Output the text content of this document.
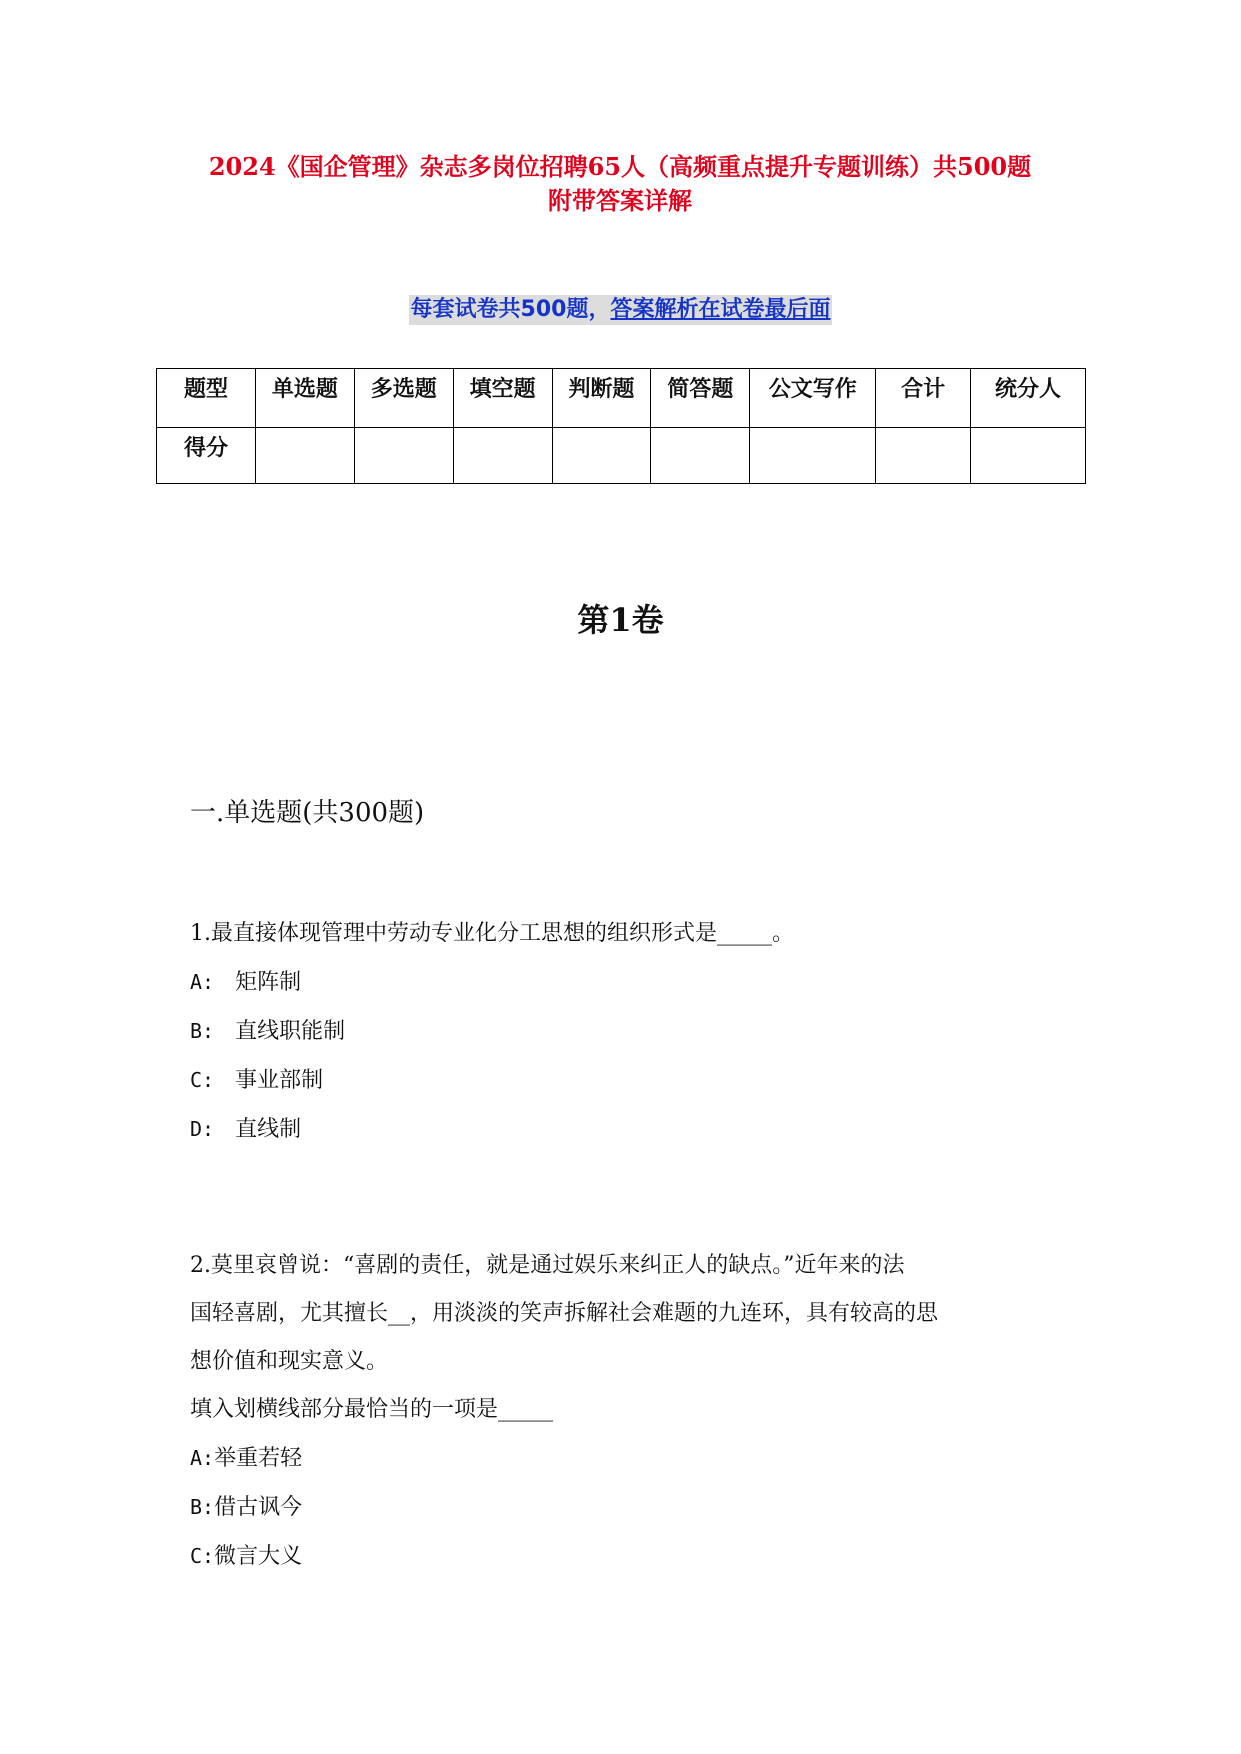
2024《国企管理》杂志多岗位招聘65人（高频重点提升专题训练）共500题
附带答案详解
每套试卷共500题，答案解析在试卷最后面
题型	单选题	多选题	填空题	判断题	简答题	公文写作	合计	统分人
得分								
第1卷
一.单选题(共300题)
1.最直接体现管理中劳动专业化分工思想的组织形式是_____。
A: 矩阵制
B: 直线职能制
C: 事业部制
D: 直线制
2.莫里哀曾说：“喜剧的责任，就是通过娱乐来纠正人的缺点。”近年来的法
国轻喜剧，尤其擅长__，用淡淡的笑声拆解社会难题的九连环，具有较高的思
想价值和现实意义。
填入划横线部分最恰当的一项是_____
A:举重若轻
B:借古讽今
C:微言大义
